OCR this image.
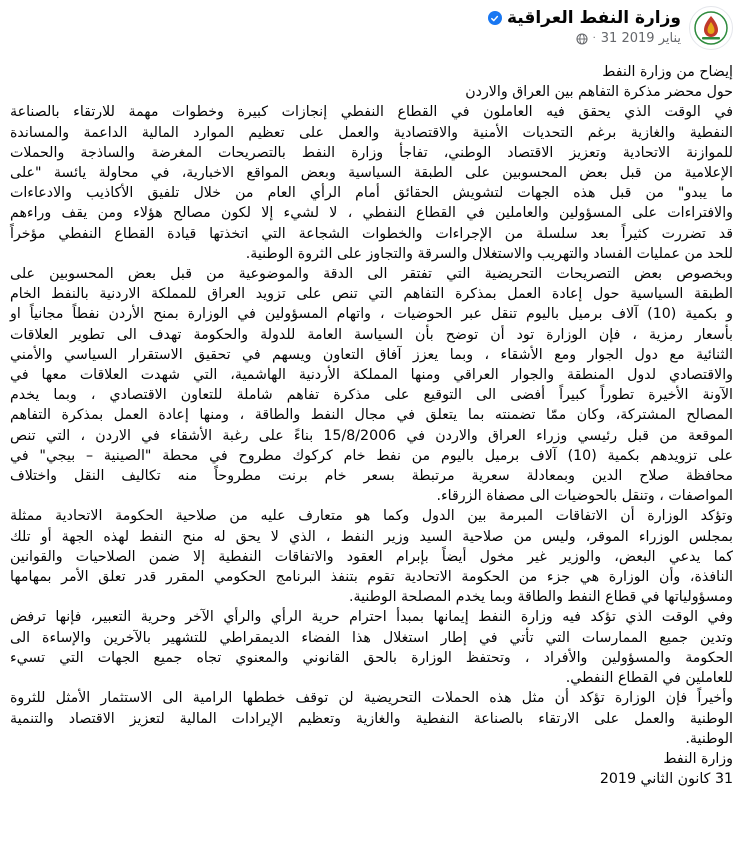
وزارة النفط العراقية
31 يناير 2019
·

إيضاح من وزارة النفط
حول محضر مذكرة التفاهم بين العراق والاردن

في الوقت الذي يحقق فيه العاملون في القطاع النفطي إنجازات كبيرة وخطوات مهمة للارتقاء بالصناعة
النفطية والغازية برغم التحديات الأمنية والاقتصادية والعمل على تعظيم الموارد المالية الداعمة والمساندة
للموازنة الاتحادية وتعزيز الاقتصاد الوطني، تفاجأ وزارة النفط بالتصريحات المغرضة والساذجة والحملات
الإعلامية من قبل بعض المحسوبين على الطبقة السياسية وبعض المواقع الاخبارية، في محاولة يائسة "على
ما يبدو" من قبل هذه الجهات لتشويش الحقائق أمام الرأي العام من خلال تلفيق الأكاذيب والادعاءات
والافتراءات على المسؤولين والعاملين في القطاع النفطي ، لا لشيء إلا لكون مصالح هؤلاء ومن يقف وراءهم
قد تضررت كثيراً بعد سلسلة من الإجراءات والخطوات الشجاعة التي اتخذتها قيادة القطاع النفطي مؤخراً
للحد من عمليات الفساد والتهريب والاستغلال والسرقة والتجاوز على الثروة الوطنية.

وبخصوص بعض التصريحات التحريضية التي تفتقر الى الدقة والموضوعية من قبل بعض المحسوبين على
الطبقة السياسية حول إعادة العمل بمذكرة التفاهم التي تنص على تزويد العراق للمملكة الاردنية بالنفط الخام
و بكمية (10) آلاف برميل باليوم تنقل عبر الحوضيات ، واتهام المسؤولين في الوزارة بمنح الأردن نفطاً مجانياً او
بأسعار رمزية ، فإن الوزارة تود أن توضح بأن السياسة العامة للدولة والحكومة تهدف الى تطوير العلاقات
الثنائية مع دول الجوار ومع الأشقاء ، وبما يعزز آفاق التعاون ويسهم في تحقيق الاستقرار السياسي والأمني
والاقتصادي لدول المنطقة والجوار العراقي ومنها المملكة الأردنية الهاشمية، التي شهدت العلاقات معها في
الآونة الأخيرة تطوراً كبيراً أفضى الى التوقيع على مذكرة تفاهم شاملة للتعاون الاقتصادي ، وبما يخدم
المصالح المشتركة، وكان ممّا تضمنته بما يتعلق في مجال النفط والطاقة ، ومنها إعادة العمل بمذكرة التفاهم
الموقعة من قبل رئيسي وزراء العراق والاردن في 15/8/2006 بناءً على رغبة الأشقاء في الاردن ، التي تنص
على تزويدهم بكمية (10) آلاف برميل باليوم من نفط خام كركوك مطروح في محطة "الصينية – بيجي" في
محافظة صلاح الدين وبمعادلة سعرية مرتبطة بسعر خام برنت مطروحاً منه تكاليف النقل واختلاف
المواصفات ، وتنقل بالحوضيات الى مصفاة الزرقاء.

وتؤكد الوزارة أن الاتفاقات المبرمة بين الدول وكما هو متعارف عليه من صلاحية الحكومة الاتحادية ممثلة
بمجلس الوزراء الموقر، وليس من صلاحية السيد وزير النفط ، الذي لا يحق له منح النفط لهذه الجهة أو تلك
كما يدعي البعض، والوزير غير مخول أيضاً بإبرام العقود والاتفاقات النفطية إلا ضمن الصلاحيات والقوانين
النافذة، وأن الوزارة هي جزء من الحكومة الاتحادية تقوم بتنفذ البرنامج الحكومي المقرر قدر تعلق الأمر بمهامها
ومسؤولياتها في قطاع النفط والطاقة وبما يخدم المصلحة الوطنية.

وفي الوقت الذي تؤكد فيه وزارة النفط إيمانها بمبدأ احترام حرية الرأي والرأي الآخر وحرية التعبير، فإنها ترفض
وتدين جميع الممارسات التي تأتي في إطار استغلال هذا الفضاء الديمقراطي للتشهير بالآخرين والإساءة الى
الحكومة والمسؤولين والأفراد ، وتحتفظ الوزارة بالحق القانوني والمعنوي تجاه جميع الجهات التي تسيء
للعاملين في القطاع النفطي.

وأخيراً فإن الوزارة تؤكد أن مثل هذه الحملات التحريضية لن توقف خططها الرامية الى الاستثمار الأمثل للثروة
الوطنية والعمل على الارتقاء بالصناعة النفطية والغازية وتعظيم الإيرادات المالية لتعزيز الاقتصاد والتنمية
الوطنية.

وزارة النفط
31 كانون الثاني 2019
